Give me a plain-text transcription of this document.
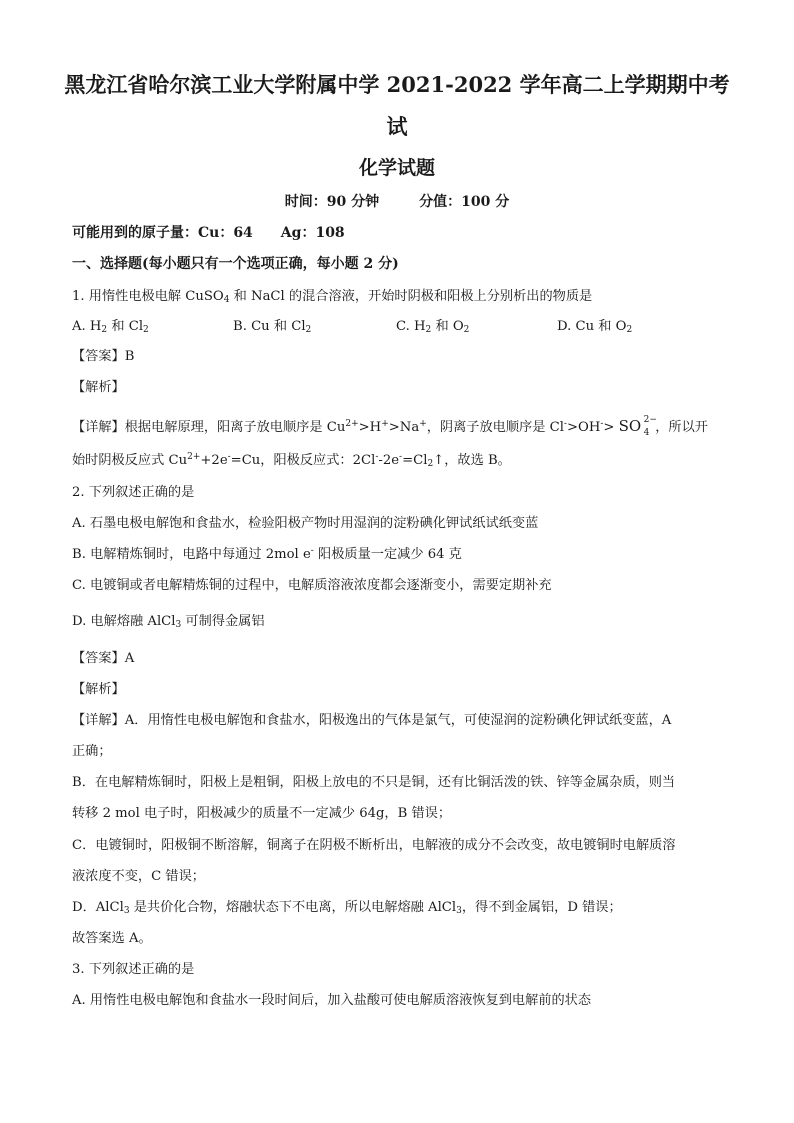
黑龙江省哈尔滨工业大学附属中学 2021-2022 学年高二上学期期中考
试
化学试题
时间：90 分钟	分值：100 分
可能用到的原子量：Cu：64　　Ag：108
一、选择题(每小题只有一个选项正确，每小题 2 分)
1. 用惰性电极电解 CuSO$_4$ 和 NaCl 的混合溶液，开始时阴极和阳极上分别析出的物质是
A. $H_2$ 和 $Cl_2$	B. Cu 和 $Cl_2$	C. $H_2$ 和 $O_2$	D. Cu 和 $O_2$
【答案】B
【解析】
【详解】根据电解原理，阳离子放电顺序是 $Cu^{2+}>H^+>Na^+$，阴离子放电顺序是 Cl->OH-> SO 2−
4 ，所以开
始时阴极反应式 $Cu^{2+}+2e^-=Cu$，阳极反应式：$2Cl^--2e^-=Cl_2↑$，故选 B。
2. 下列叙述正确的是
A. 石墨电极电解饱和食盐水，检验阳极产物时用湿润的淀粉碘化钾试纸试纸变蓝
B. 电解精炼铜时，电路中每通过 2mol e- 阳极质量一定减少 64 克
C. 电镀铜或者电解精炼铜的过程中，电解质溶液浓度都会逐渐变小，需要定期补充
D. 电解熔融 AlCl$_3$ 可制得金属铝
【答案】A
【解析】
【详解】A．用惰性电极电解饱和食盐水，阳极逸出的气体是氯气，可使湿润的淀粉碘化钾试纸变蓝，A
正确；
B．在电解精炼铜时，阳极上是粗铜，阳极上放电的不只是铜，还有比铜活泼的铁、锌等金属杂质，则当
转移 2 mol 电子时，阳极减少的质量不一定减少 64g，B 错误；
C．电镀铜时，阳极铜不断溶解，铜离子在阴极不断析出，电解液的成分不会改变，故电镀铜时电解质溶
液浓度不变，C 错误；
D．AlCl$_3$ 是共价化合物，熔融状态下不电离，所以电解熔融 AlCl$_3$，得不到金属铝，D 错误；
故答案选 A。
3. 下列叙述正确的是
A. 用惰性电极电解饱和食盐水一段时间后，加入盐酸可使电解质溶液恢复到电解前的状态
